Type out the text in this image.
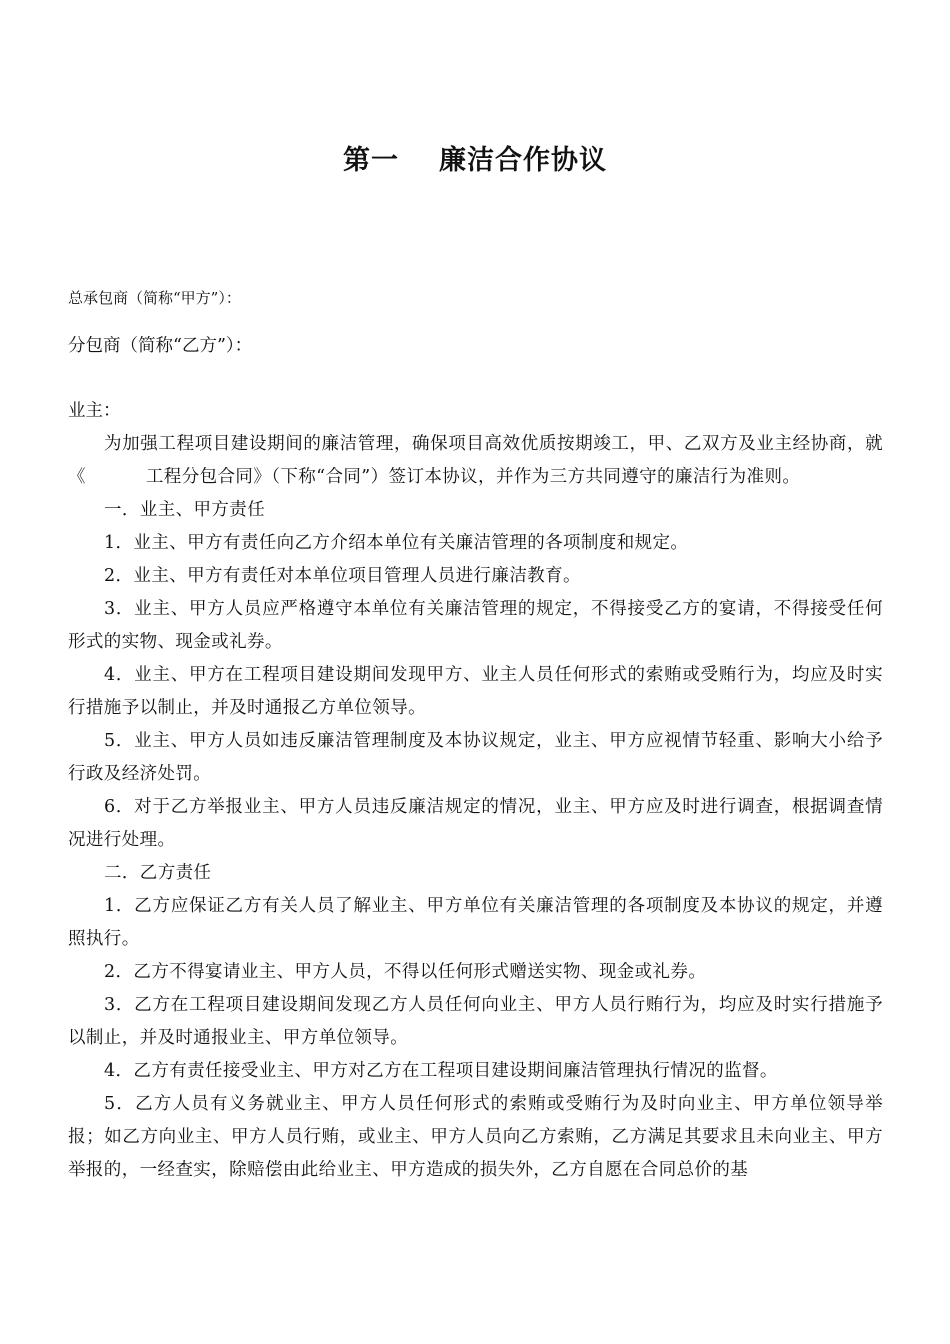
第一 廉洁合作协议
总承包商（简称“甲方”）：
分包商（简称“乙方”）：
业主：

为加强工程项目建设期间的廉洁管理，确保项目高效优质按期竣工，甲、乙双方及业主经协商，就《	工程分包合同》（下称“合同”）签订本协议，并作为三方共同遵守的廉洁行为准则。

一．业主、甲方责任

1．业主、甲方有责任向乙方介绍本单位有关廉洁管理的各项制度和规定。

2．业主、甲方有责任对本单位项目管理人员进行廉洁教育。

3．业主、甲方人员应严格遵守本单位有关廉洁管理的规定，不得接受乙方的宴请，不得接受任何形式的实物、现金或礼券。

4．业主、甲方在工程项目建设期间发现甲方、业主人员任何形式的索贿或受贿行为，均应及时实行措施予以制止，并及时通报乙方单位领导。

5．业主、甲方人员如违反廉洁管理制度及本协议规定，业主、甲方应视情节轻重、影响大小给予行政及经济处罚。

6．对于乙方举报业主、甲方人员违反廉洁规定的情况，业主、甲方应及时进行调查，根据调查情况进行处理。

二．乙方责任

1．乙方应保证乙方有关人员了解业主、甲方单位有关廉洁管理的各项制度及本协议的规定，并遵照执行。

2．乙方不得宴请业主、甲方人员，不得以任何形式赠送实物、现金或礼券。

3．乙方在工程项目建设期间发现乙方人员任何向业主、甲方人员行贿行为，均应及时实行措施予以制止，并及时通报业主、甲方单位领导。

4．乙方有责任接受业主、甲方对乙方在工程项目建设期间廉洁管理执行情况的监督。

5．乙方人员有义务就业主、甲方人员任何形式的索贿或受贿行为及时向业主、甲方单位领导举报；如乙方向业主、甲方人员行贿，或业主、甲方人员向乙方索贿，乙方满足其要求且未向业主、甲方举报的，一经查实，除赔偿由此给业主、甲方造成的损失外，乙方自愿在合同总价的基
